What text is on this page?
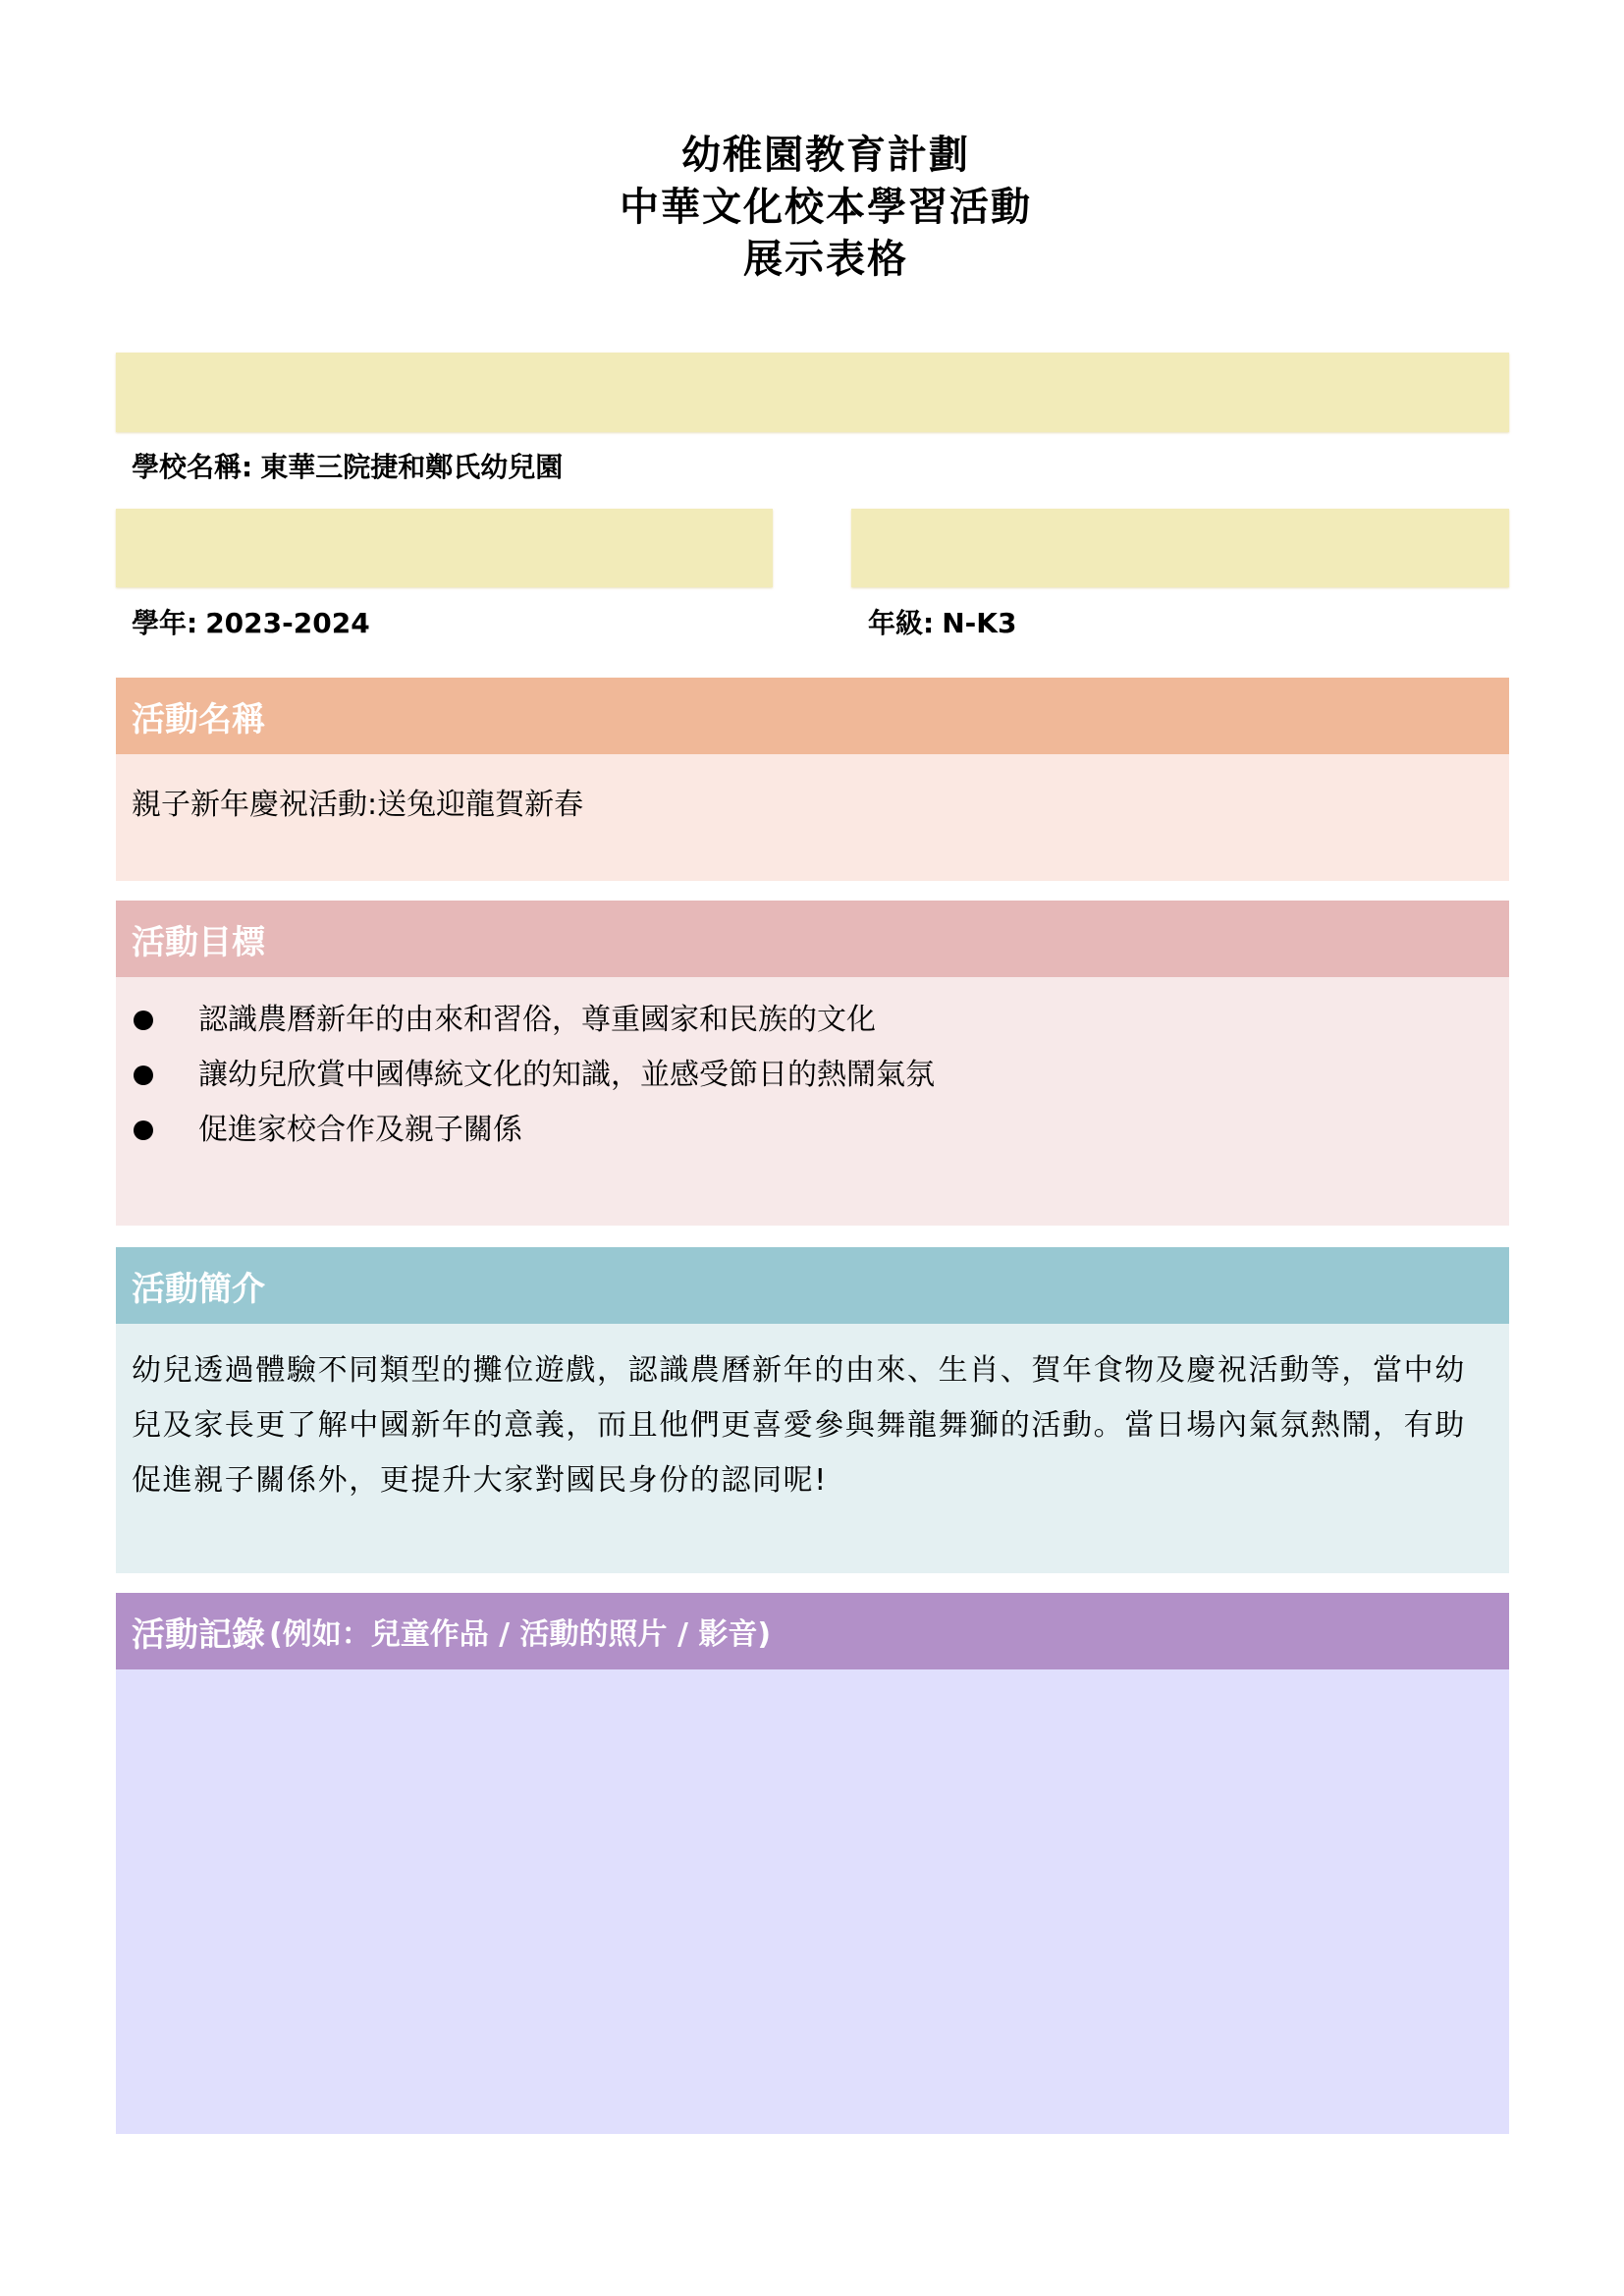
幼稚園教育計劃
中華文化校本學習活動
展示表格
學校名稱: 東華三院捷和鄭氏幼兒園
學年: 2023-2024	年級: N-K3
活動名稱
親子新年慶祝活動:送兔迎龍賀新春
活動目標
認識農曆新年的由來和習俗，尊重國家和民族的文化
讓幼兒欣賞中國傳統文化的知識，並感受節日的熱鬧氣氛
促進家校合作及親子關係
活動簡介
幼兒透過體驗不同類型的攤位遊戲，認識農曆新年的由來、生肖、賀年食物及慶祝活動等，當中幼兒及家長更了解中國新年的意義，而且他們更喜愛參與舞龍舞獅的活動。當日場內氣氛熱鬧，有助促進親子關係外，更提升大家對國民身份的認同呢!
活動記錄 (例如：兒童作品 / 活動的照片 / 影音)
